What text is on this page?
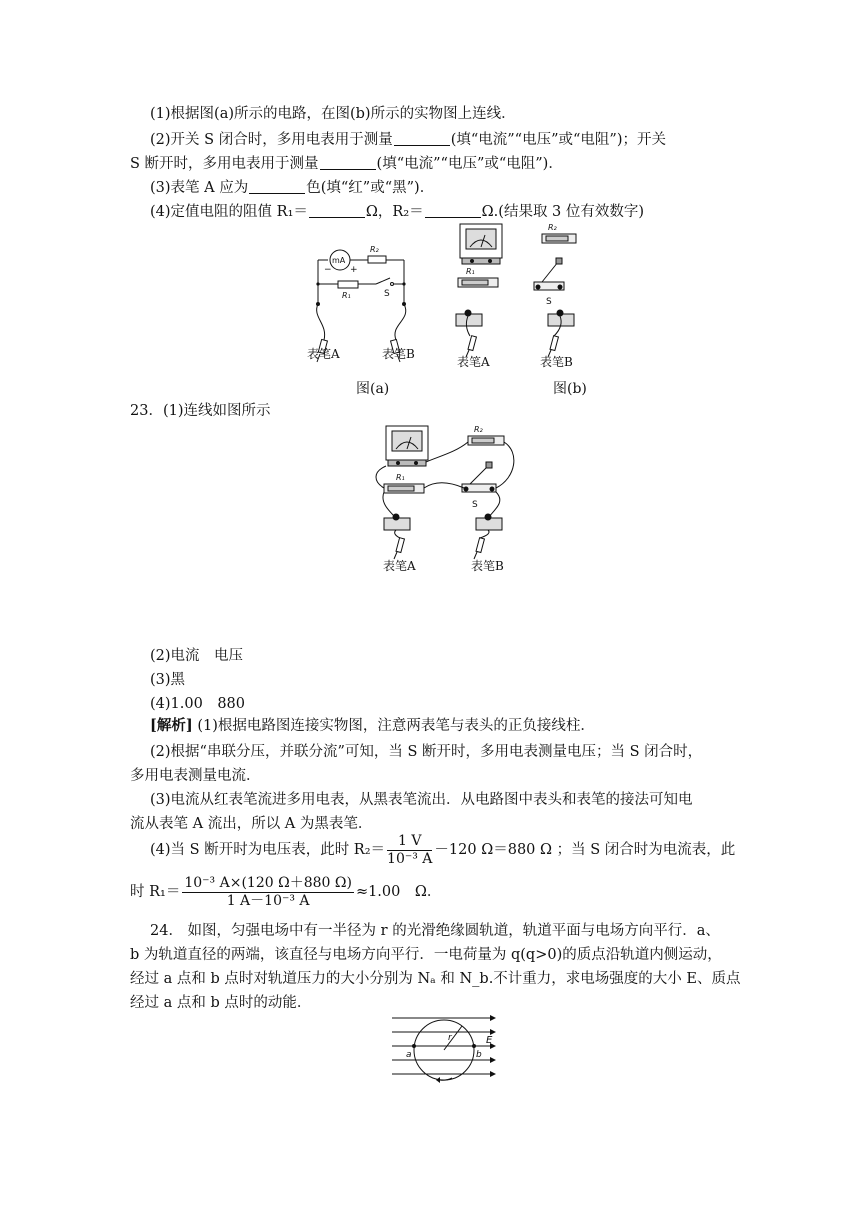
(1)根据图(a)所示的电路，在图(b)所示的实物图上连线．
(2)开关 S 闭合时，多用电表用于测量	(填“电流”“电压”或“电阻”)；开关
S 断开时，多用电表用于测量	(填“电流”“电压”或“电阻”)．
(3)表笔 A 应为	色(填“红”或“黑”)．
(4)定值电阻的阻值 R₁＝	Ω，R₂＝	Ω.(结果取 3 位有效数字)
mA
− +
R₂
R₁	S
表笔A	表笔B
图(a)
R₂
R₁
S
表笔A	表笔B
图(b)
23．(1)连线如图所示
R₂
R₁
S
表笔A	表笔B
(2)电流　电压
(3)黑
(4)1.00　880
[解析] (1)根据电路图连接实物图，注意两表笔与表头的正负接线柱．
(2)根据“串联分压，并联分流”可知，当 S 断开时，多用电表测量电压；当 S 闭合时，
多用电表测量电流．
(3)电流从红表笔流进多用电表，从黑表笔流出．从电路图中表头和表笔的接法可知电
流从表笔 A 流出，所以 A 为黑表笔．
(4)当 S 断开时为电压表，此时 $R_2= \frac{1 V}{\text{10⁻³ A}} -120$ Ω＝880 Ω ；当 S 闭合时为电流表，此
时 $R_1= \frac{\text{10⁻³ A×(120 Ω＋880 Ω)}}{\text{1 A－10⁻³ A}} \approx 1.00$　Ω．
24． 如图，匀强电场中有一半径为 r 的光滑绝缘圆轨道，轨道平面与电场方向平行．a、
b 为轨道直径的两端，该直径与电场方向平行．一电荷量为 q(q>0)的质点沿轨道内侧运动，
经过 a 点和 b 点时对轨道压力的大小分别为 Nₐ 和 N_b.不计重力，求电场强度的大小 E、质点
经过 a 点和 b 点时的动能．
r
a	b
E
